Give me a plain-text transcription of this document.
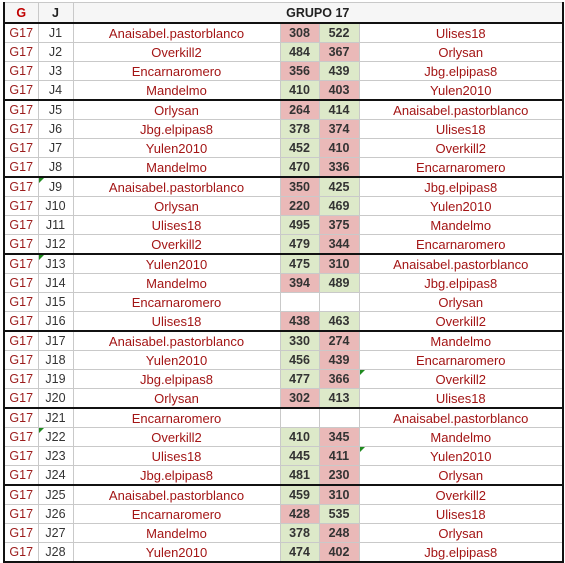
G	J	GRUPO 17			
G17	J1	Anaisabel.pastorblanco	308	522	Ulises18
G17	J2	Overkill2	484	367	Orlysan
G17	J3	Encarnaromero	356	439	Jbg.elpipas8
G17	J4	Mandelmo	410	403	Yulen2010
G17	J5	Orlysan	264	414	Anaisabel.pastorblanco
G17	J6	Jbg.elpipas8	378	374	Ulises18
G17	J7	Yulen2010	452	410	Overkill2
G17	J8	Mandelmo	470	336	Encarnaromero
G17	J9	Anaisabel.pastorblanco	350	425	Jbg.elpipas8
G17	J10	Orlysan	220	469	Yulen2010
G17	J11	Ulises18	495	375	Mandelmo
G17	J12	Overkill2	479	344	Encarnaromero
G17	J13	Yulen2010	475	310	Anaisabel.pastorblanco
G17	J14	Mandelmo	394	489	Jbg.elpipas8
G17	J15	Encarnaromero			Orlysan
G17	J16	Ulises18	438	463	Overkill2
G17	J17	Anaisabel.pastorblanco	330	274	Mandelmo
G17	J18	Yulen2010	456	439	Encarnaromero
G17	J19	Jbg.elpipas8	477	366	Overkill2

G17	J20	Orlysan	302	413	Ulises18
G17	J21	Encarnaromero			Anaisabel.pastorblanco
G17	J22	Overkill2	410	345	Mandelmo
G17	J23	Ulises18	445	411	Yulen2010

G17	J24	Jbg.elpipas8	481	230	Orlysan
G17	J25	Anaisabel.pastorblanco	459	310	Overkill2
G17	J26	Encarnaromero	428	535	Ulises18
G17	J27	Mandelmo	378	248	Orlysan
G17	J28	Yulen2010	474	402	Jbg.elpipas8
